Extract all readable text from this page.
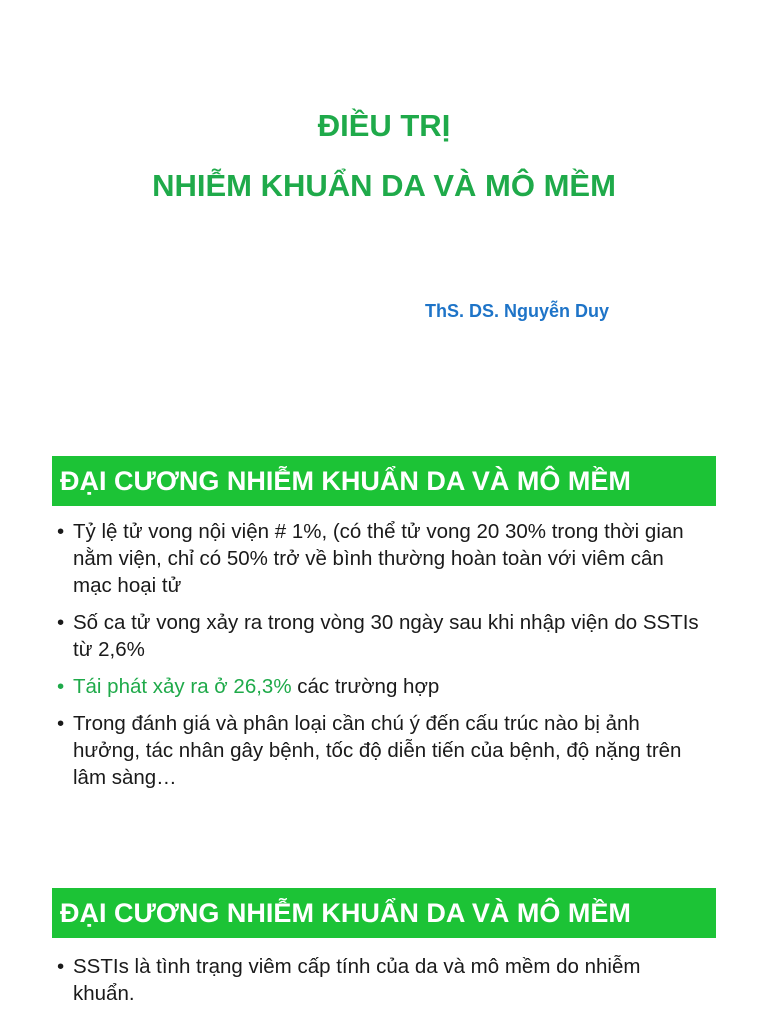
ĐIỀU TRỊ
NHIỄM KHUẨN DA VÀ MÔ MỀM
ThS. DS. Nguyễn Duy
ĐẠI CƯƠNG NHIỄM KHUẨN DA VÀ MÔ MỀM
• Tỷ lệ tử vong nội viện # 1%, (có thể tử vong 20 30% trong thời gian nằm viện, chỉ có 50% trở về bình thường hoàn toàn với viêm cân mạc hoại tử
• Số ca tử vong xảy ra trong vòng 30 ngày sau khi nhập viện do SSTIs từ 2,6%
• Tái phát xảy ra ở 26,3% các trường hợp
• Trong đánh giá và phân loại cần chú ý đến cấu trúc nào bị ảnh hưởng, tác nhân gây bệnh, tốc độ diễn tiến của bệnh, độ nặng trên lâm sàng…
ĐẠI CƯƠNG NHIỄM KHUẨN DA VÀ MÔ MỀM
• SSTIs là tình trạng viêm cấp tính của da và mô mềm do nhiễm khuẩn.
